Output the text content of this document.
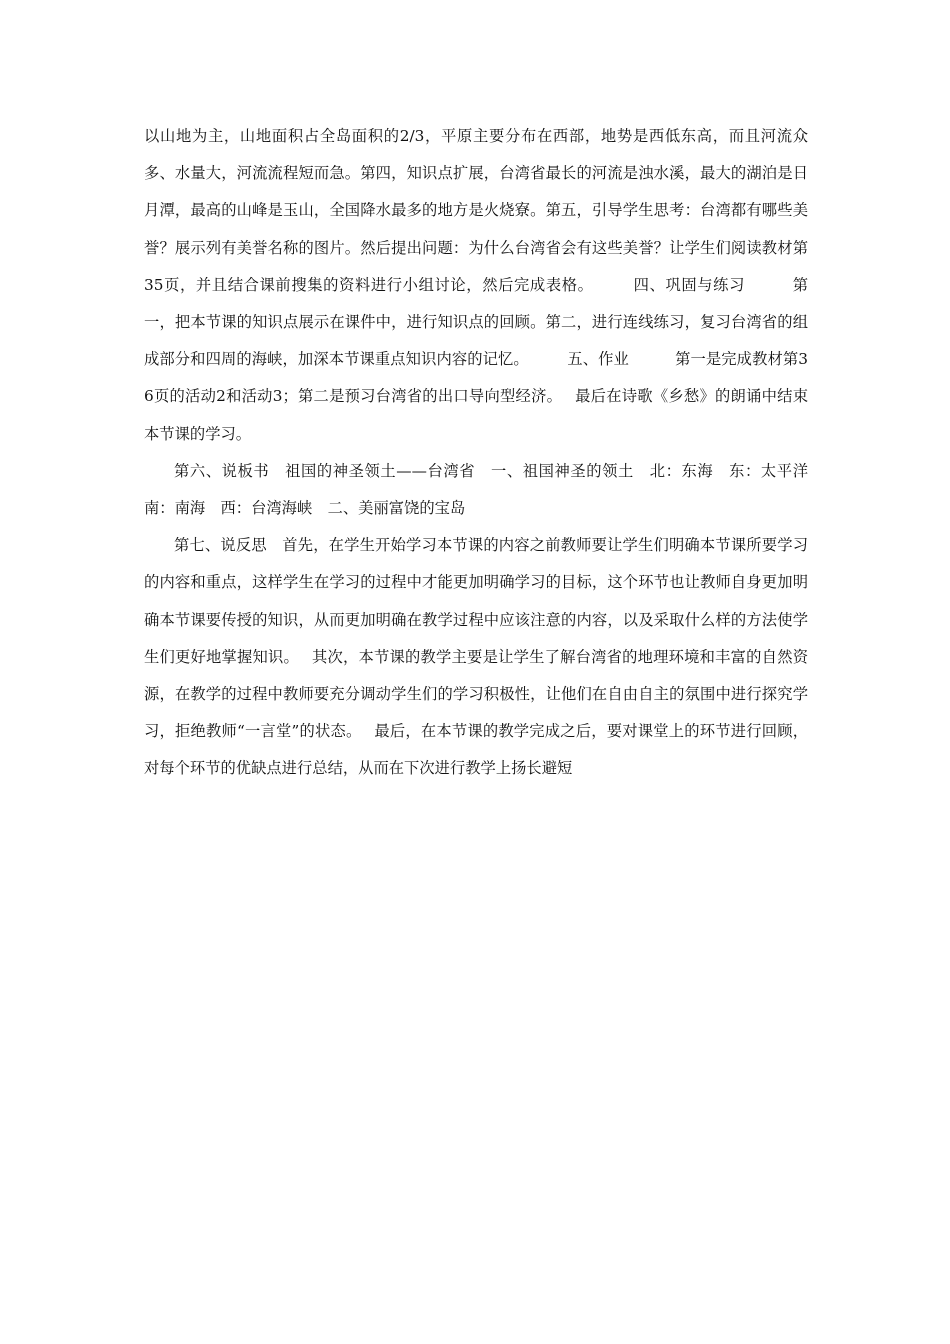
以山地为主，山地面积占全岛面积的2/3，平原主要分布在西部，地势是西低东高，而且河流众多、水量大，河流流程短而急。第四，知识点扩展，台湾省最长的河流是浊水溪，最大的湖泊是日月潭，最高的山峰是玉山，全国降水最多的地方是火烧寮。第五，引导学生思考：台湾都有哪些美誉？展示列有美誉名称的图片。然后提出问题：为什么台湾省会有这些美誉？让学生们阅读教材第35页，并且结合课前搜集的资料进行小组讨论，然后完成表格。　　　四、巩固与练习　　　第一，把本节课的知识点展示在课件中，进行知识点的回顾。第二，进行连线练习，复习台湾省的组成部分和四周的海峡，加深本节课重点知识内容的记忆。　　　五、作业　　　第一是完成教材第36页的活动2和活动3；第二是预习台湾省的出口导向型经济。　 最后在诗歌《乡愁》的朗诵中结束本节课的学习。

第六、说板书　祖国的神圣领土——台湾省　一、祖国神圣的领土　北：东海　东：太平洋　南：南海　西：台湾海峡　二、美丽富饶的宝岛

第七、说反思　首先，在学生开始学习本节课的内容之前教师要让学生们明确本节课所要学习的内容和重点，这样学生在学习的过程中才能更加明确学习的目标，这个环节也让教师自身更加明确本节课要传授的知识，从而更加明确在教学过程中应该注意的内容，以及采取什么样的方法使学生们更好地掌握知识。　 其次，本节课的教学主要是让学生了解台湾省的地理环境和丰富的自然资源，在教学的过程中教师要充分调动学生们的学习积极性，让他们在自由自主的氛围中进行探究学习，拒绝教师“一言堂”的状态。　 最后，在本节课的教学完成之后，要对课堂上的环节进行回顾，对每个环节的优缺点进行总结，从而在下次进行教学上扬长避短
